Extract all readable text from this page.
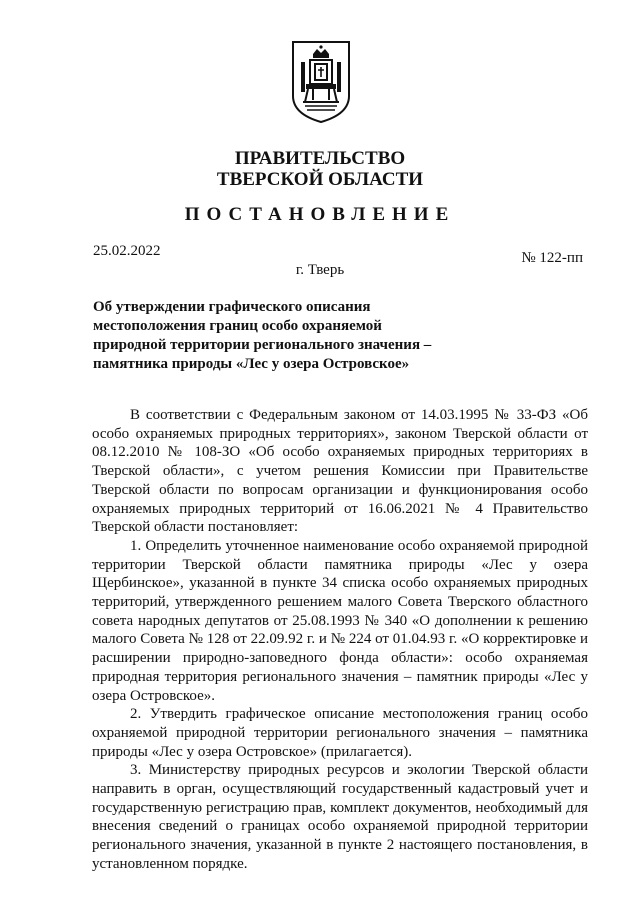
ПРАВИТЕЛЬСТВО
ТВЕРСКОЙ ОБЛАСТИ
ПОСТАНОВЛЕНИЕ
25.02.2022	№ 122-пп
г. Тверь
Об утверждении графического описания
местоположения границ особо охраняемой
природной территории регионального значения –
памятника природы «Лес у озера Островское»

В соответствии с Федеральным законом от 14.03.1995 № 33-ФЗ «Об особо охраняемых природных территориях», законом Тверской области от 08.12.2010 № 108-ЗО «Об особо охраняемых природных территориях в Тверской области», с учетом решения Комиссии при Правительстве Тверской области по вопросам организации и функционирования особо охраняемых природных территорий от 16.06.2021 № 4 Правительство Тверской области постановляет:

1. Определить уточненное наименование особо охраняемой природной территории Тверской области памятника природы «Лес у озера Щербинское», указанной в пункте 34 списка особо охраняемых природных территорий, утвержденного решением малого Совета Тверского областного совета народных депутатов от 25.08.1993 № 340 «О дополнении к решению малого Совета № 128 от 22.09.92 г. и № 224 от 01.04.93 г. «О корректировке и расширении природно-заповедного фонда области»: особо охраняемая природная территория регионального значения – памятник природы «Лес у озера Островское».

2. Утвердить графическое описание местоположения границ особо охраняемой природной территории регионального значения – памятника природы «Лес у озера Островское» (прилагается).

3. Министерству природных ресурсов и экологии Тверской области направить в орган, осуществляющий государственный кадастровый учет и государственную регистрацию прав, комплект документов, необходимый для внесения сведений о границах особо охраняемой природной территории регионального значения, указанной в пункте 2 настоящего постановления, в установленном порядке.
